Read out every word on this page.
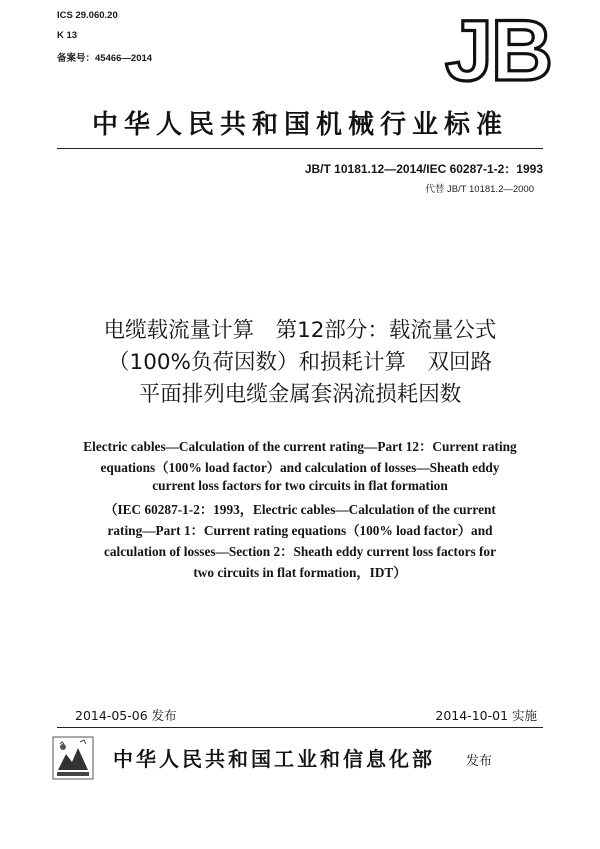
ICS 29.060.20
K 13
备案号：45466—2014	JB
中华人民共和国机械行业标准
JB/T 10181.12—2014/IEC 60287-1-2：1993
代替 JB/T 10181.2—2000
电缆载流量计算　第12部分：载流量公式
（100%负荷因数）和损耗计算　双回路
平面排列电缆金属套涡流损耗因数
Electric cables—Calculation of the current rating—Part 12：Current rating
equations（100% load factor）and calculation of losses—Sheath eddy
current loss factors for two circuits in flat formation
（IEC 60287-1-2：1993，Electric cables—Calculation of the current
rating—Part 1：Current rating equations（100% load factor）and
calculation of losses—Section 2：Sheath eddy current loss factors for
two circuits in flat formation，IDT）
2014-05-06 发布	2014-10-01 实施
中华人民共和国工业和信息化部 发布
